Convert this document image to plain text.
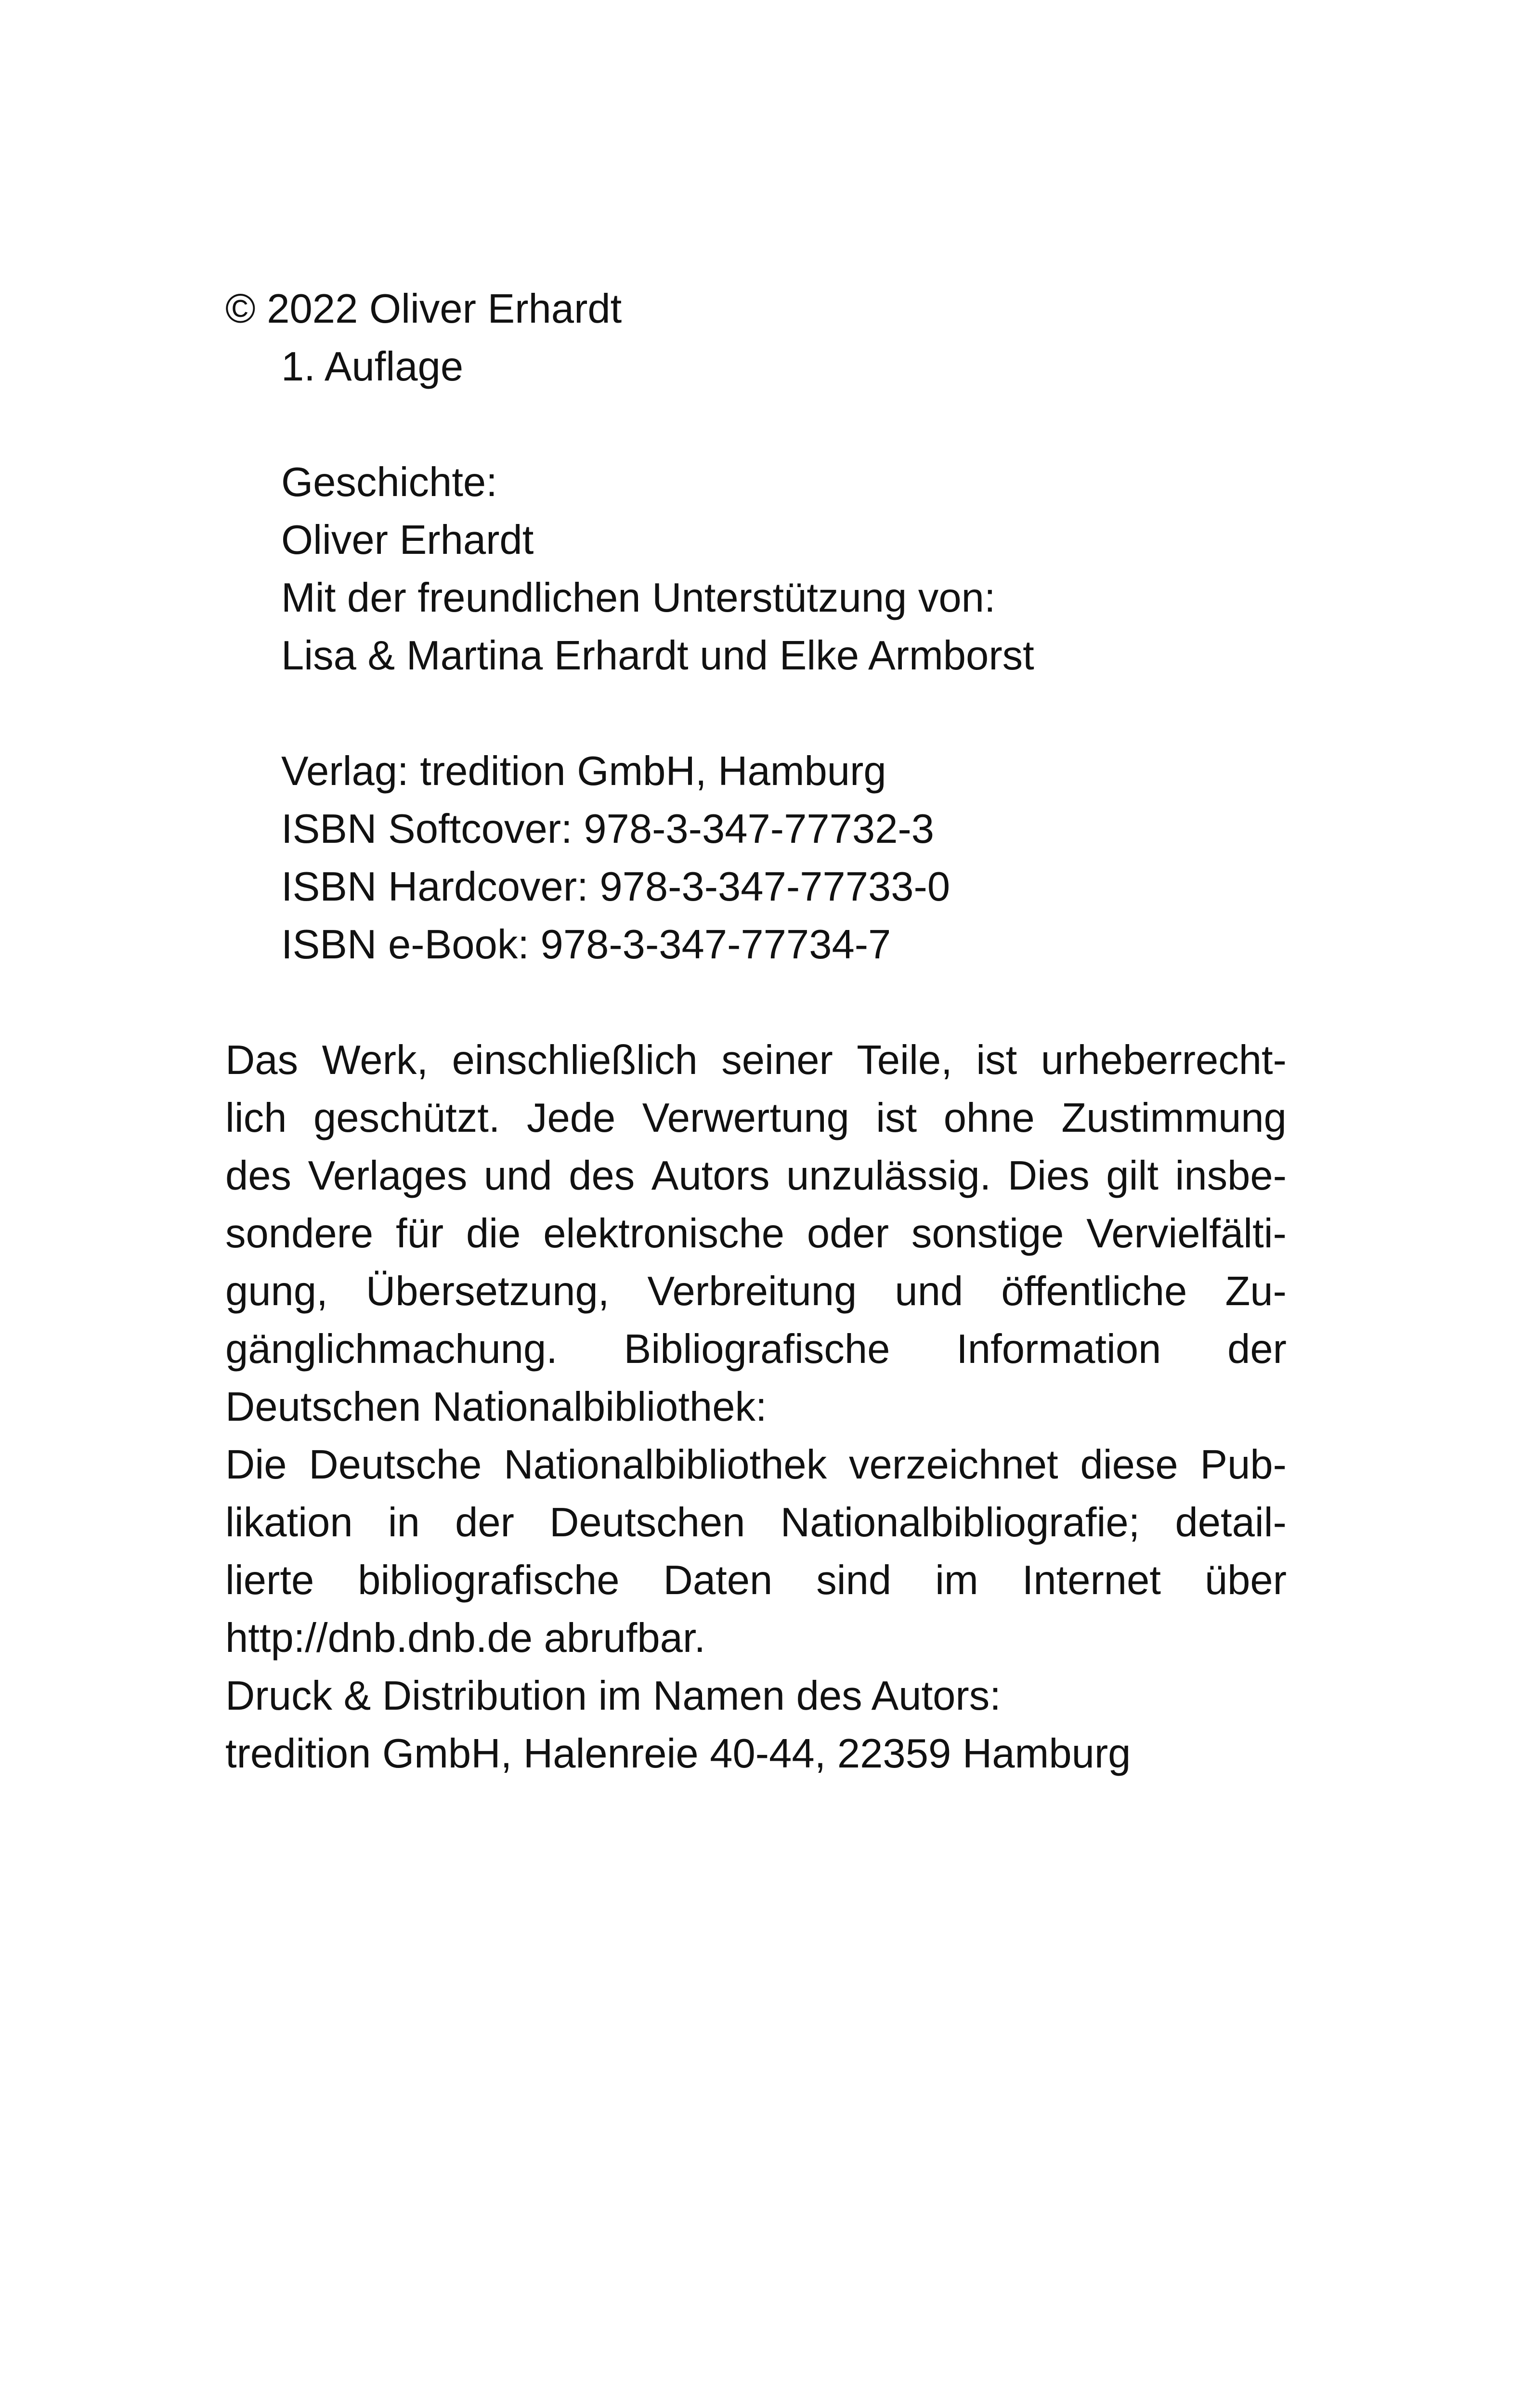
© 2022 Oliver Erhardt
1. Auflage
Geschichte:
Oliver Erhardt
Mit der freundlichen Unterstützung von:
Lisa & Martina Erhardt und Elke Armborst
Verlag: tredition GmbH, Hamburg
ISBN Softcover: 978-3-347-77732-3
ISBN Hardcover: 978-3-347-77733-0
ISBN e-Book: 978-3-347-77734-7
Das Werk, einschließlich seiner Teile, ist urheberrecht-
lich geschützt. Jede Verwertung ist ohne Zustimmung
des Verlages und des Autors unzulässig. Dies gilt insbe-
sondere für die elektronische oder sonstige Vervielfälti-
gung, Übersetzung, Verbreitung und öffentliche Zu-
gänglichmachung. Bibliografische Information der
Deutschen Nationalbibliothek:
Die Deutsche Nationalbibliothek verzeichnet diese Pub-
likation in der Deutschen Nationalbibliografie; detail-
lierte bibliografische Daten sind im Internet über
http://dnb.dnb.de abrufbar.
Druck & Distribution im Namen des Autors:
tredition GmbH, Halenreie 40-44, 22359 Hamburg
